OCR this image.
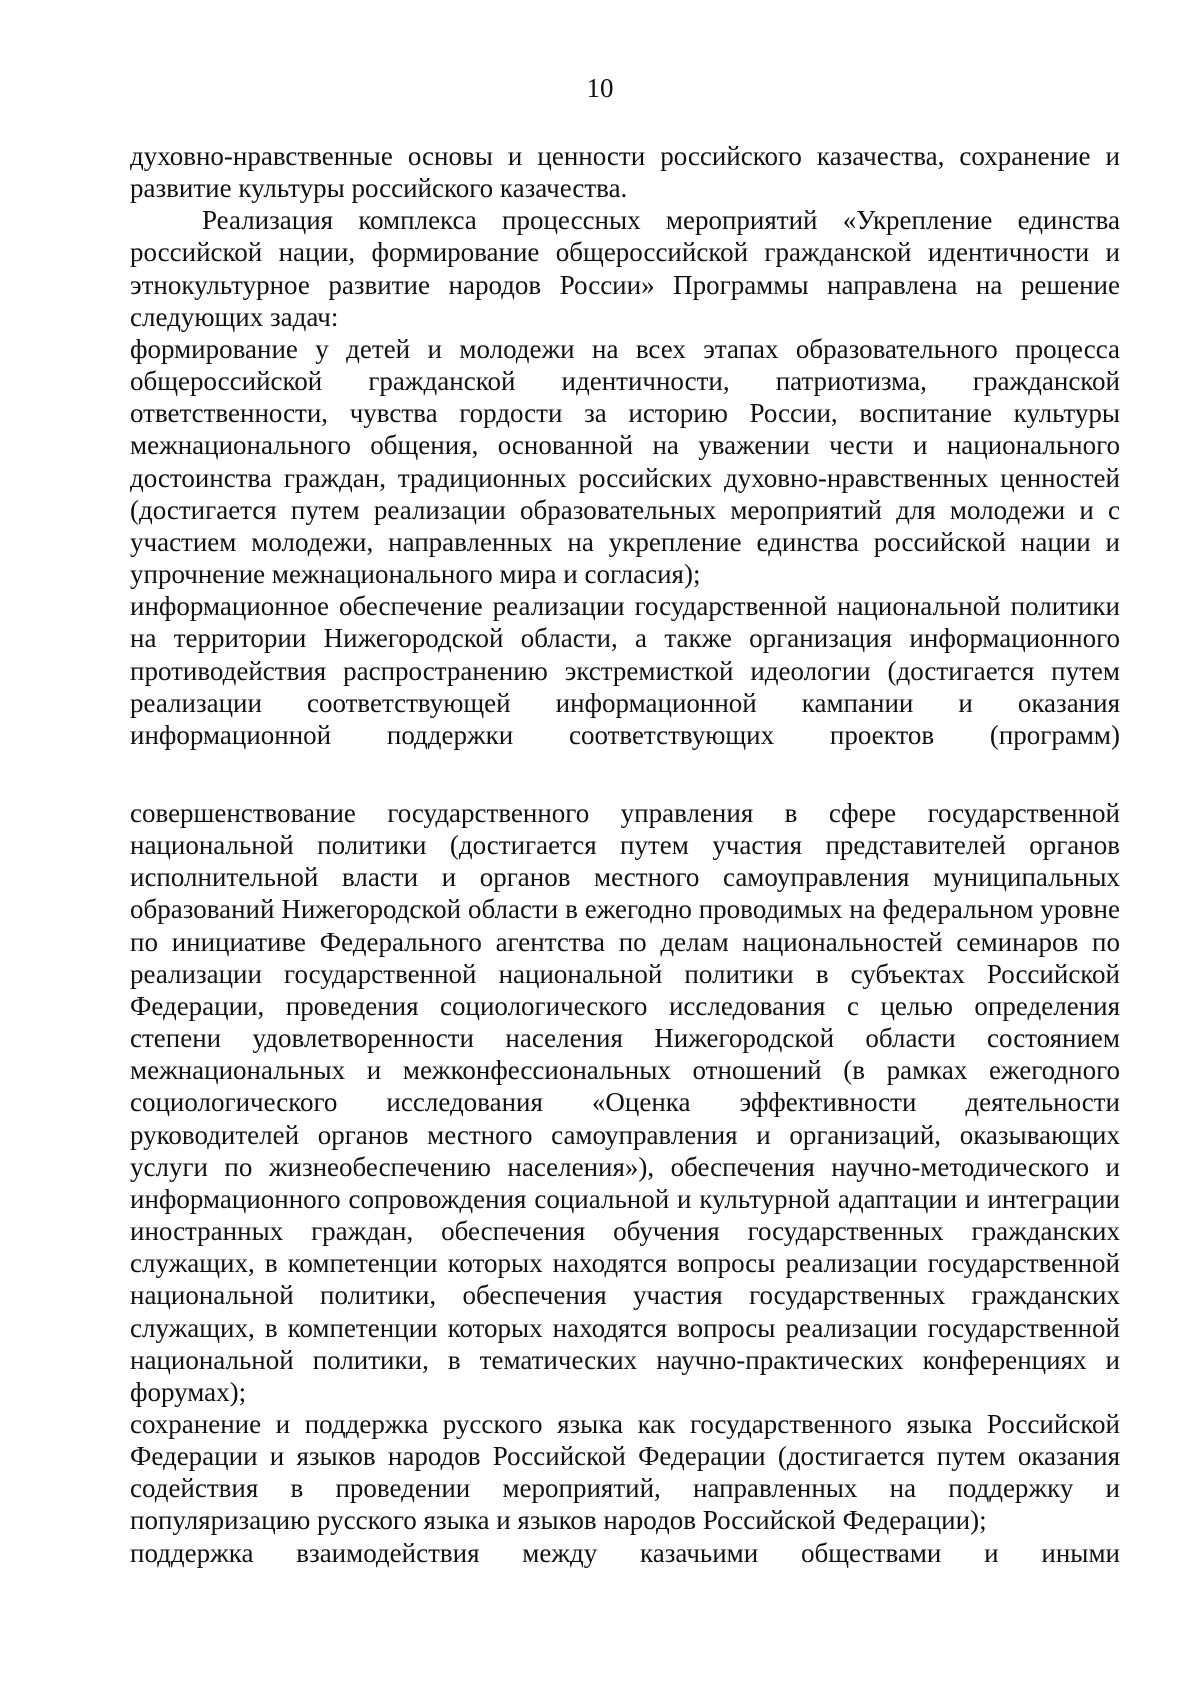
10

духовно-нравственные основы и ценности российского казачества, сохранение и развитие культуры российского казачества.

Реализация комплекса процессных мероприятий «Укрепление единства российской нации, формирование общероссийской гражданской идентичности и этнокультурное развитие народов России» Программы направлена на решение следующих задач:

формирование у детей и молодежи на всех этапах образовательного процесса общероссийской гражданской идентичности, патриотизма, гражданской ответственности, чувства гордости за историю России, воспитание культуры межнационального общения, основанной на уважении чести и национального достоинства граждан, традиционных российских духовно-нравственных ценностей (достигается путем реализации образовательных мероприятий для молодежи и с участием молодежи, направленных на укрепление единства российской нации и упрочнение межнационального мира и согласия);

информационное обеспечение реализации государственной национальной политики на территории Нижегородской области, а также организация информационного противодействия распространению экстремисткой идеологии (достигается путем реализации соответствующей информационной кампании и оказания информационной поддержки соответствующих проектов (программ)

совершенствование государственного управления в сфере государственной национальной политики (достигается путем участия представителей органов исполнительной власти и органов местного самоуправления муниципальных образований Нижегородской области в ежегодно проводимых на федеральном уровне по инициативе Федерального агентства по делам национальностей семинаров по реализации государственной национальной политики в субъектах Российской Федерации, проведения социологического исследования с целью определения степени удовлетворенности населения Нижегородской области состоянием межнациональных и межконфессиональных отношений (в рамках ежегодного социологического исследования «Оценка эффективности деятельности руководителей органов местного самоуправления и организаций, оказывающих услуги по жизнеобеспечению населения»), обеспечения научно-методического и информационного сопровождения социальной и культурной адаптации и интеграции иностранных граждан, обеспечения обучения государственных гражданских служащих, в компетенции которых находятся вопросы реализации государственной национальной политики, обеспечения участия государственных гражданских служащих, в компетенции которых находятся вопросы реализации государственной национальной политики, в тематических научно-практических конференциях и форумах);

сохранение и поддержка русского языка как государственного языка Российской Федерации и языков народов Российской Федерации (достигается путем оказания содействия в проведении мероприятий, направленных на поддержку и популяризацию русского языка и языков народов Российской Федерации);

поддержка взаимодействия между казачьими обществами и иными
